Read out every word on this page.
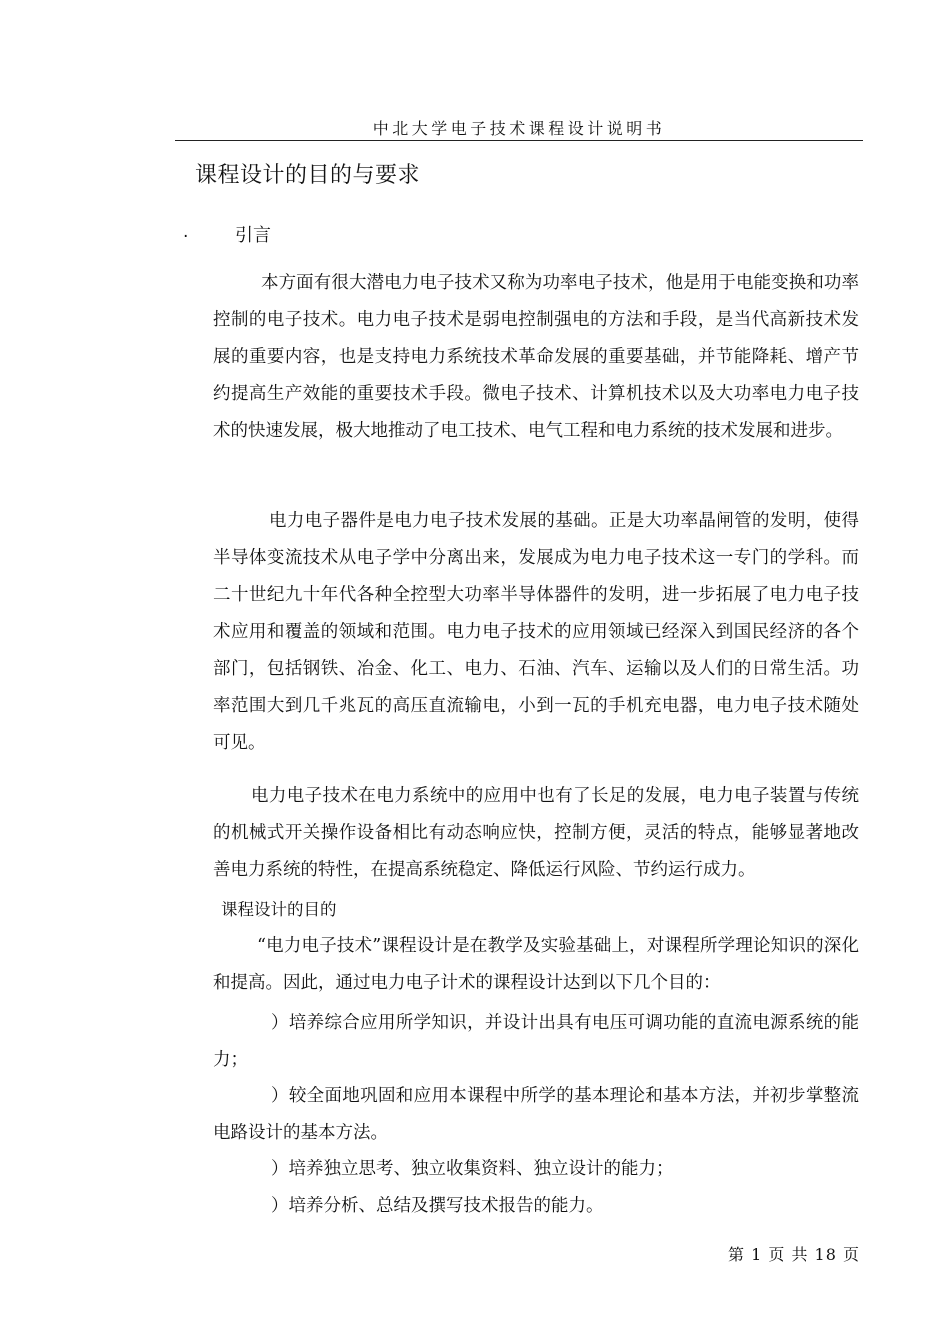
中北大学电子技术课程设计说明书
课程设计的目的与要求
.	引言

本方面有很大潜电力电子技术又称为功率电子技术，他是用于电能变换和功率控制的电子技术。电力电子技术是弱电控制强电的方法和手段，是当代高新技术发展的重要内容，也是支持电力系统技术革命发展的重要基础，并节能降耗、增产节约提高生产效能的重要技术手段。微电子技术、计算机技术以及大功率电力电子技术的快速发展，极大地推动了电工技术、电气工程和电力系统的技术发展和进步。

电力电子器件是电力电子技术发展的基础。正是大功率晶闸管的发明，使得半导体变流技术从电子学中分离出来，发展成为电力电子技术这一专门的学科。而二十世纪九十年代各种全控型大功率半导体器件的发明，进一步拓展了电力电子技术应用和覆盖的领域和范围。电力电子技术的应用领域已经深入到国民经济的各个部门，包括钢铁、冶金、化工、电力、石油、汽车、运输以及人们的日常生活。功率范围大到几千兆瓦的高压直流输电，小到一瓦的手机充电器，电力电子技术随处可见。

电力电子技术在电力系统中的应用中也有了长足的发展，电力电子装置与传统的机械式开关操作设备相比有动态响应快，控制方便，灵活的特点，能够显著地改善电力系统的特性，在提高系统稳定、降低运行风险、节约运行成力。

课程设计的目的

“电力电子技术”课程设计是在教学及实验基础上，对课程所学理论知识的深化和提高。因此，通过电力电子计术的课程设计达到以下几个目的：

）培养综合应用所学知识，并设计出具有电压可调功能的直流电源系统的能力；

）较全面地巩固和应用本课程中所学的基本理论和基本方法，并初步掌整流电路设计的基本方法。

）培养独立思考、独立收集资料、独立设计的能力；

）培养分析、总结及撰写技术报告的能力。

第 1 页 共 18 页
